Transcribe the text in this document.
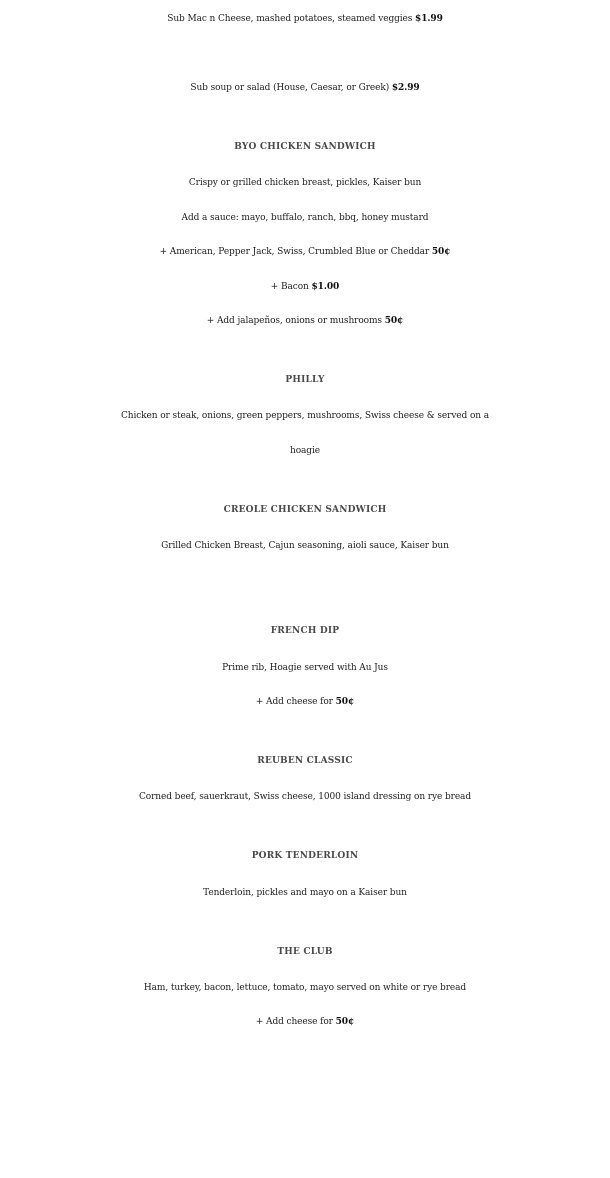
Sub Mac n Cheese, mashed potatoes, steamed veggies $1.99
Sub soup or salad (House, Caesar, or Greek) $2.99
BYO CHICKEN SANDWICH
Crispy or grilled chicken breast, pickles, Kaiser bun
Add a sauce: mayo, buffalo, ranch, bbq, honey mustard
+ American, Pepper Jack, Swiss, Crumbled Blue or Cheddar 50¢
+ Bacon $1.00
+ Add jalapeños, onions or mushrooms 50¢
PHILLY
Chicken or steak, onions, green peppers, mushrooms, Swiss cheese & served on a
hoagie
CREOLE CHICKEN SANDWICH
Grilled Chicken Breast, Cajun seasoning, aioli sauce, Kaiser bun
FRENCH DIP
Prime rib, Hoagie served with Au Jus
+ Add cheese for 50¢
REUBEN CLASSIC
Corned beef, sauerkraut, Swiss cheese, 1000 island dressing on rye bread
PORK TENDERLOIN
Tenderloin, pickles and mayo on a Kaiser bun
THE CLUB
Ham, turkey, bacon, lettuce, tomato, mayo served on white or rye bread
+ Add cheese for 50¢
